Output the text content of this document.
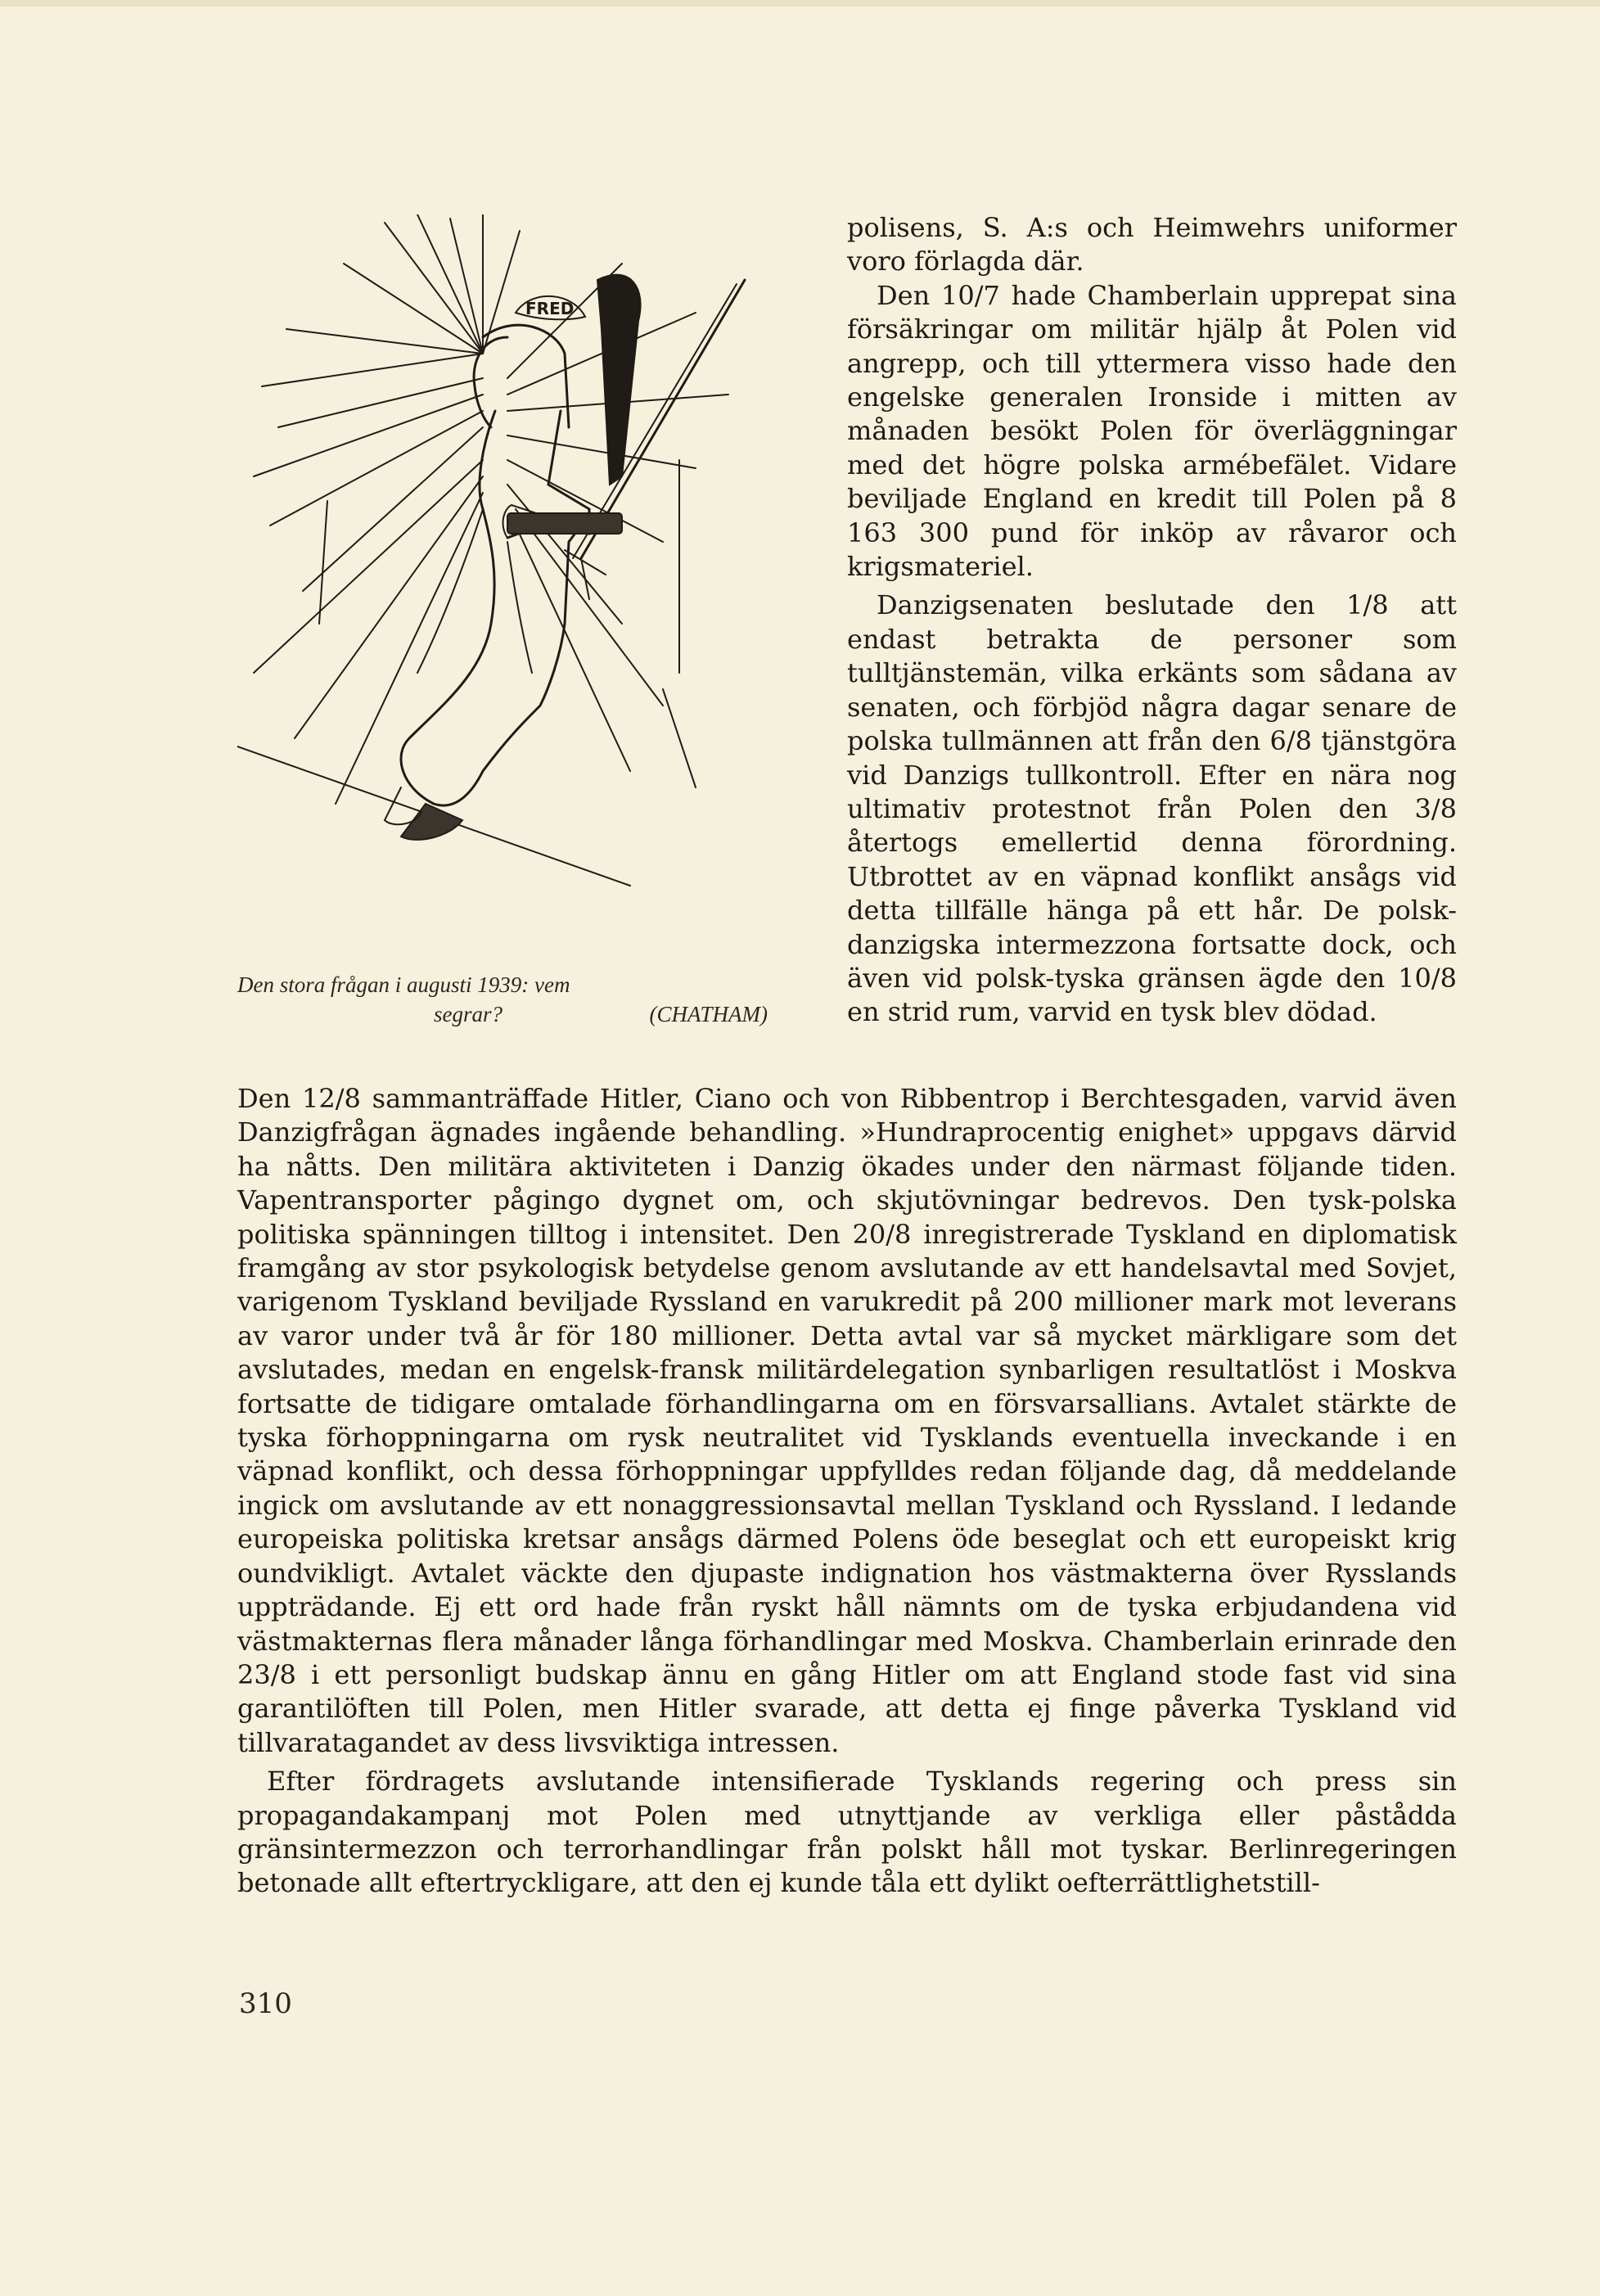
FRED
Den stora frågan i augusti 1939: vem
segrar?	(CHATHAM)

polisens, S. A:s och Heimwehrs uniformer voro förlagda där.

Den 10/7 hade Chamberlain upprepat sina försäkringar om militär hjälp åt Polen vid angrepp, och till yttermera visso hade den engelske generalen Ironside i mitten av månaden besökt Polen för överläggningar med det högre polska armébefälet. Vidare beviljade England en kredit till Polen på 8 163 300 pund för inköp av råvaror och krigsmateriel.

Danzigsenaten beslutade den 1/8 att endast betrakta de personer som tulltjänstemän, vilka erkänts som sådana av senaten, och förbjöd några dagar senare de polska tullmännen att från den 6/8 tjänstgöra vid Danzigs tullkontroll. Efter en nära nog ultimativ protestnot från Polen den 3/8 återtogs emellertid denna förordning. Utbrottet av en väpnad konflikt ansågs vid detta tillfälle hänga på ett hår. De polsk-danzigska intermezzona fortsatte dock, och även vid polsk-tyska gränsen ägde den 10/8 en strid rum, varvid en tysk blev dödad.

Den 12/8 sammanträffade Hitler, Ciano och von Ribbentrop i Berchtesgaden, varvid även Danzigfrågan ägnades ingående behandling. »Hundraprocentig enighet» uppgavs därvid ha nåtts. Den militära aktiviteten i Danzig ökades under den närmast följande tiden. Vapentransporter pågingo dygnet om, och skjutövningar bedrevos. Den tysk-polska politiska spänningen tilltog i intensitet. Den 20/8 inregistrerade Tyskland en diplomatisk framgång av stor psykologisk betydelse genom avslutande av ett handelsavtal med Sovjet, varigenom Tyskland beviljade Ryssland en varukredit på 200 millioner mark mot leverans av varor under två år för 180 millioner. Detta avtal var så mycket märkligare som det avslutades, medan en engelsk-fransk militärdelegation synbarligen resultatlöst i Moskva fortsatte de tidigare omtalade förhandlingarna om en försvarsallians. Avtalet stärkte de tyska förhoppningarna om rysk neutralitet vid Tysklands eventuella inveckande i en väpnad konflikt, och dessa förhoppningar uppfylldes redan följande dag, då meddelande ingick om avslutande av ett nonaggressionsavtal mellan Tyskland och Ryssland. I ledande europeiska politiska kretsar ansågs därmed Polens öde beseglat och ett europeiskt krig oundvikligt. Avtalet väckte den djupaste indignation hos västmakterna över Rysslands uppträdande. Ej ett ord hade från ryskt håll nämnts om de tyska erbjudandena vid västmakternas flera månader långa förhandlingar med Moskva. Chamberlain erinrade den 23/8 i ett personligt budskap ännu en gång Hitler om att England stode fast vid sina garantilöften till Polen, men Hitler svarade, att detta ej finge påverka Tyskland vid tillvaratagandet av dess livsviktiga intressen.

Efter fördragets avslutande intensifierade Tysklands regering och press sin propagandakampanj mot Polen med utnyttjande av verkliga eller påstådda gränsintermezzon och terrorhandlingar från polskt håll mot tyskar. Berlinregeringen betonade allt eftertryckligare, att den ej kunde tåla ett dylikt oefterrättlighetstill-

310
